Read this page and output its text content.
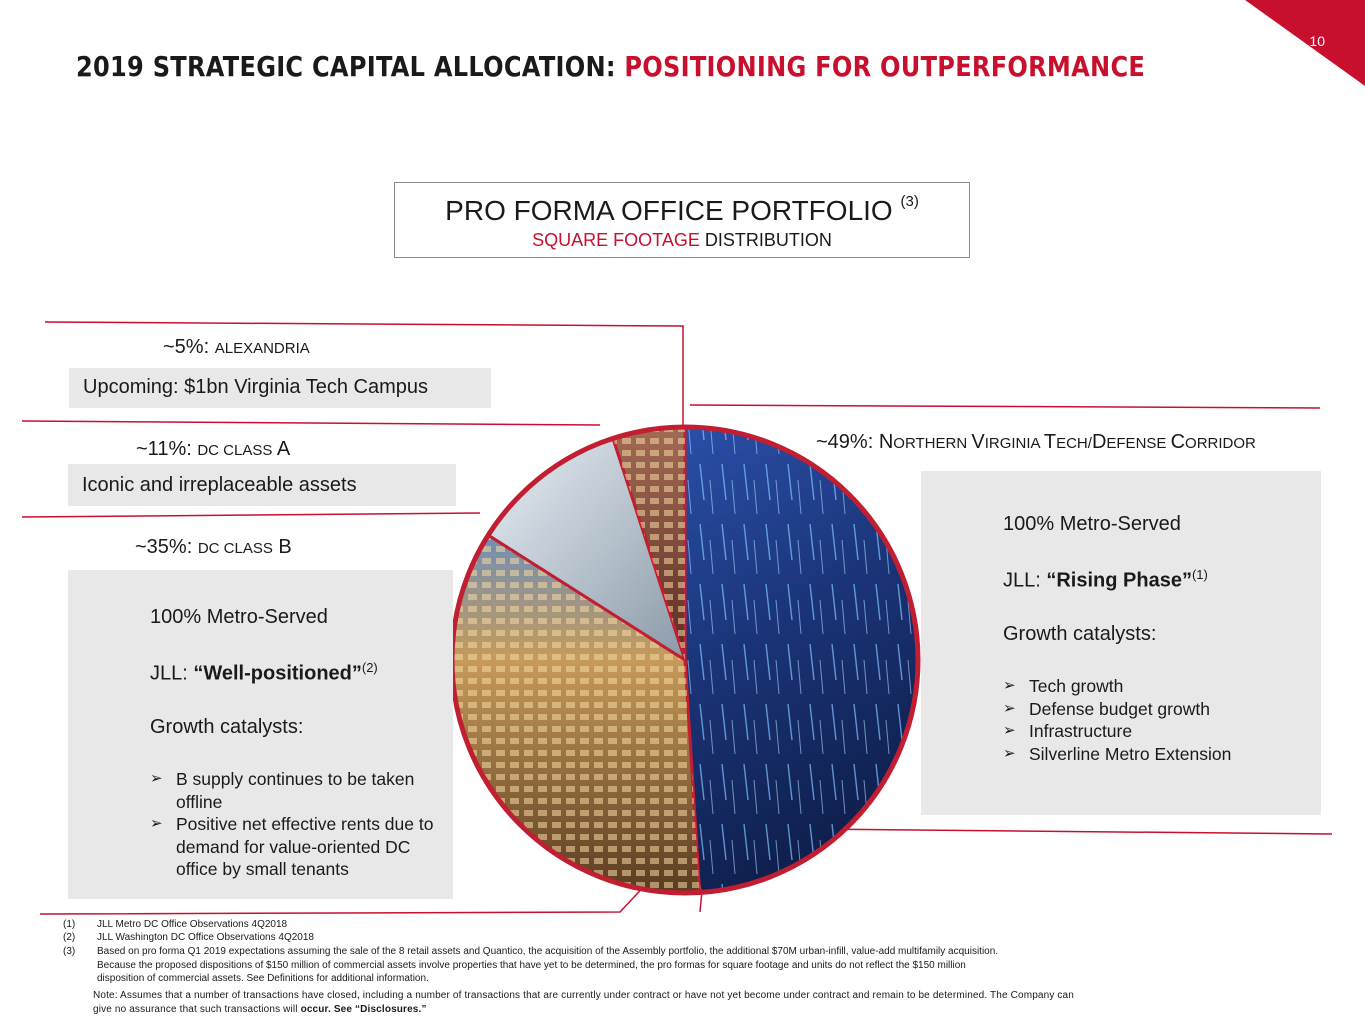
10
2019 STRATEGIC CAPITAL ALLOCATION: POSITIONING FOR OUTPERFORMANCE
PRO FORMA OFFICE PORTFOLIO $^{(3)}$
SQUARE FOOTAGE DISTRIBUTION
~5%: ALEXANDRIA
Upcoming: $1bn Virginia Tech Campus
~11%: DC CLASS A
Iconic and irreplaceable assets
~35%: DC CLASS B
100% Metro-Served
JLL: “Well-positioned”$^{(2)}$
Growth catalysts:
➢ B supply continues to be taken offline
➢ Positive net effective rents due to demand for value-oriented DC office by small tenants
~49%: NORTHERN VIRGINIA TECH/DEFENSE CORRIDOR
100% Metro-Served
JLL: “Rising Phase”$^{(1)}$
Growth catalysts:
➢ Tech growth
➢ Defense budget growth
➢ Infrastructure
➢ Silverline Metro Extension
(1) JLL Metro DC Office Observations 4Q2018
(2) JLL Washington DC Office Observations 4Q2018
(3) Based on pro forma Q1 2019 expectations assuming the sale of the 8 retail assets and Quantico, the acquisition of the Assembly portfolio, the additional $70M urban-infill, value-add multifamily acquisition.
Because the proposed dispositions of $150 million of commercial assets involve properties that have yet to be determined, the pro formas for square footage and units do not reflect the $150 million
disposition of commercial assets. See Definitions for additional information.
Note: Assumes that a number of transactions have closed, including a number of transactions that are currently under contract or have not yet become under contract and remain to be determined. The Company can
give no assurance that such transactions will occur. See “Disclosures.”
